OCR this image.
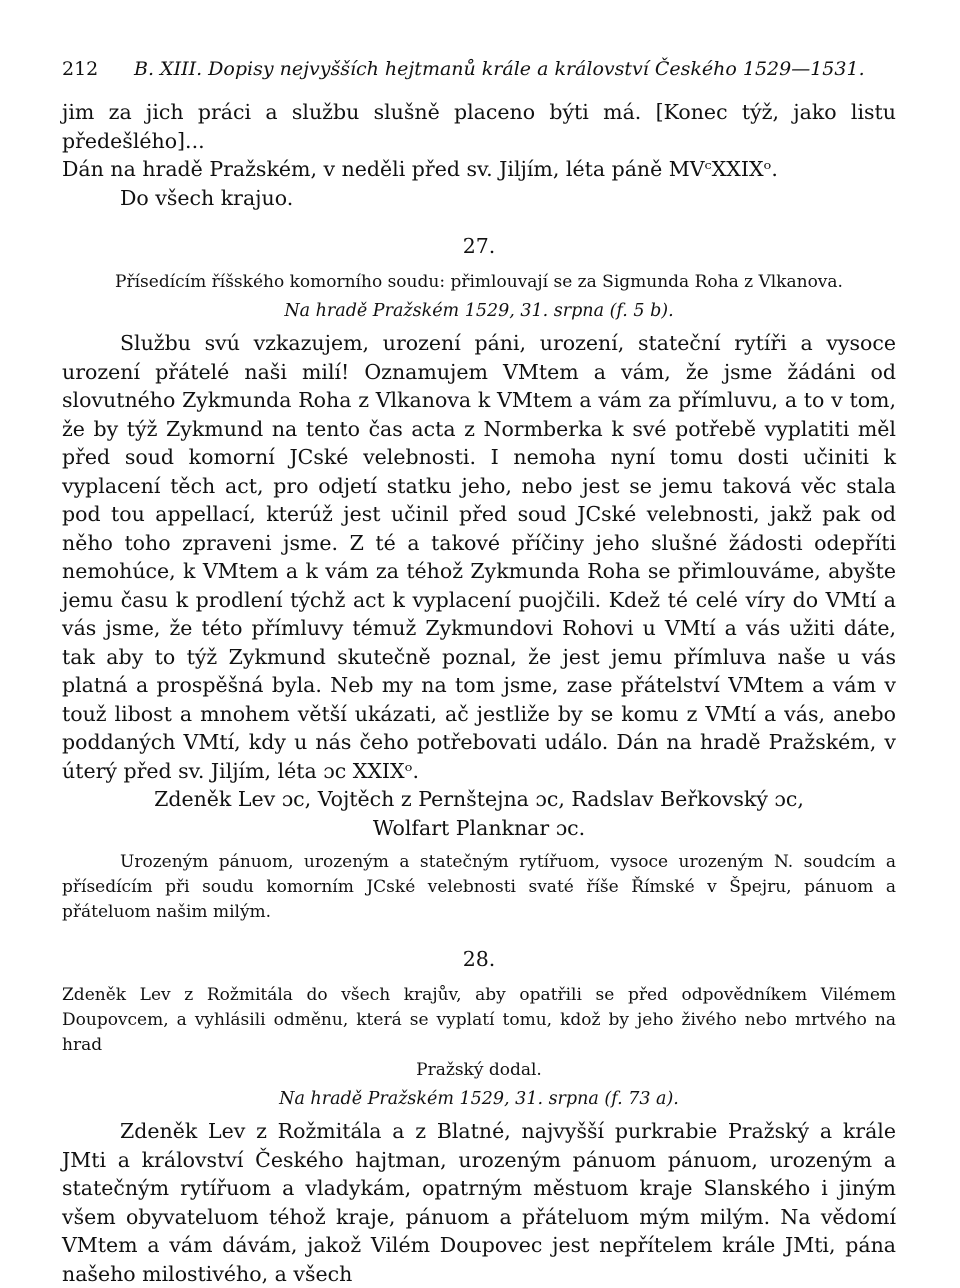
212	B. XIII. Dopisy nejvyšších hejtmanů krále a království Českého 1529—1531.

jim za jich práci a službu slušně placeno býti má. [Konec týž, jako listu předešlého]...

Dán na hradě Pražském, v neděli před sv. Jiljím, léta páně MVᶜXXIXᵒ.

Do všech krajuo.

27.

Přísedícím říšského komorního soudu: přimlouvají se za Sigmunda Roha z Vlkanova.

Na hradě Pražském 1529, 31. srpna (f. 5 b).

Službu svú vzkazujem, urození páni, urození, stateční rytíři a vysoce urození přátelé naši milí! Oznamujem VMtem a vám, že jsme žádáni od slovutného Zykmunda Roha z Vlkanova k VMtem a vám za přímluvu, a to v tom, že by týž Zykmund na tento čas acta z Normberka k své potřebě vyplatiti měl před soud komorní JCské velebnosti. I nemoha nyní tomu dosti učiniti k vyplacení těch act, pro odjetí statku jeho, nebo jest se jemu taková věc stala pod tou appellací, kterúž jest učinil před soud JCské velebnosti, jakž pak od něho toho zpraveni jsme. Z té a takové příčiny jeho slušné žádosti odepříti nemohúce, k VMtem a k vám za téhož Zykmunda Roha se přimlouváme, abyšte jemu času k prodlení týchž act k vyplacení puojčili. Kdež té celé víry do VMtí a vás jsme, že této přímluvy témuž Zykmundovi Rohovi u VMtí a vás užiti dáte, tak aby to týž Zykmund skutečně poznal, že jest jemu přímluva naše u vás platná a prospěšná byla. Neb my na tom jsme, zase přátelství VMtem a vám v touž libost a mnohem větší ukázati, ač jestliže by se komu z VMtí a vás, anebo poddaných VMtí, kdy u nás čeho potřebovati událo. Dán na hradě Pražském, v úterý před sv. Jiljím, léta ɔc XXIXᵒ.

Zdeněk Lev ɔc, Vojtěch z Pernštejna ɔc, Radslav Beřkovský ɔc,

Wolfart Planknar ɔc.

Urozeným pánuom, urozeným a statečným rytířuom, vysoce urozeným N. soudcím a přísedícím při soudu komorním JCské velebnosti svaté říše Římské v Špejru, pánuom a přáteluom našim milým.

28.

Zdeněk Lev z Rožmitála do všech krajův, aby opatřili se před odpovědníkem Vilémem Doupovcem, a vyhlásili odměnu, která se vyplatí tomu, kdož by jeho živého nebo mrtvého na hrad

Pražský dodal.

Na hradě Pražském 1529, 31. srpna (f. 73 a).

Zdeněk Lev z Rožmitála a z Blatné, najvyšší purkrabie Pražský a krále JMti a království Českého hajtman, urozeným pánuom pánuom, urozeným a statečným rytířuom a vladykám, opatrným městuom kraje Slanského i jiným všem obyvateluom téhož kraje, pánuom a přáteluom mým milým. Na vědomí VMtem a vám dávám, jakož Vilém Doupovec jest nepřítelem krále JMti, pána našeho milostivého, a všech
